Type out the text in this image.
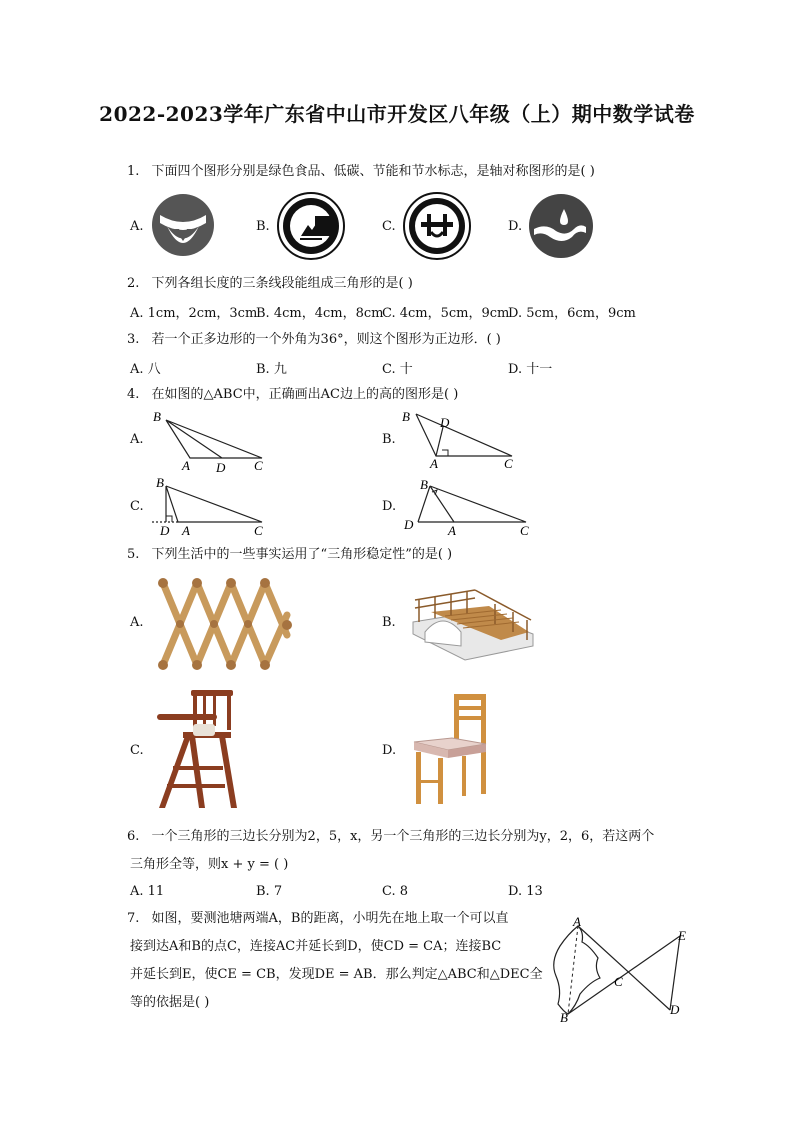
2022-2023学年广东省中山市开发区八年级（上）期中数学试卷
1. 下面四个图形分别是绿色食品、低碳、节能和节水标志，是轴对称图形的是( )
A.	B.	C.	D.
2. 下列各组长度的三条线段能组成三角形的是( )
A. 1cm，2cm，3cm
B. 4cm，4cm，8cm
C. 4cm，5cm，9cm
D. 5cm，6cm，9cm
3. 若一个正多边形的一个外角为36°，则这个图形为正边形．( )
A. 八	B. 九	C. 十	D. 十一
4. 在如图的△ABC中，正确画出AC边上的高的图形是( )
A.
B
A D C
B.
B D
A	C
C.
B
D A	C
D.
B
D	A	C
5. 下列生活中的一些事实运用了“三角形稳定性”的是( )
A.	B.
C.	D.
6. 一个三角形的三边长分别为2，5，x，另一个三角形的三边长分别为y，2，6，若这两个
三角形全等，则x + y = ( )
A. 11	B. 7	C. 8	D. 13
7. 如图，要测池塘两端A，B的距离，小明先在地上取一个可以直
接到达A和B的点C，连接AC并延长到D，使CD = CA；连接BC
并延长到E，使CE = CB，发现DE = AB．那么判定△ABC和△DEC全
等的依据是( )
A
B
C
D
E
